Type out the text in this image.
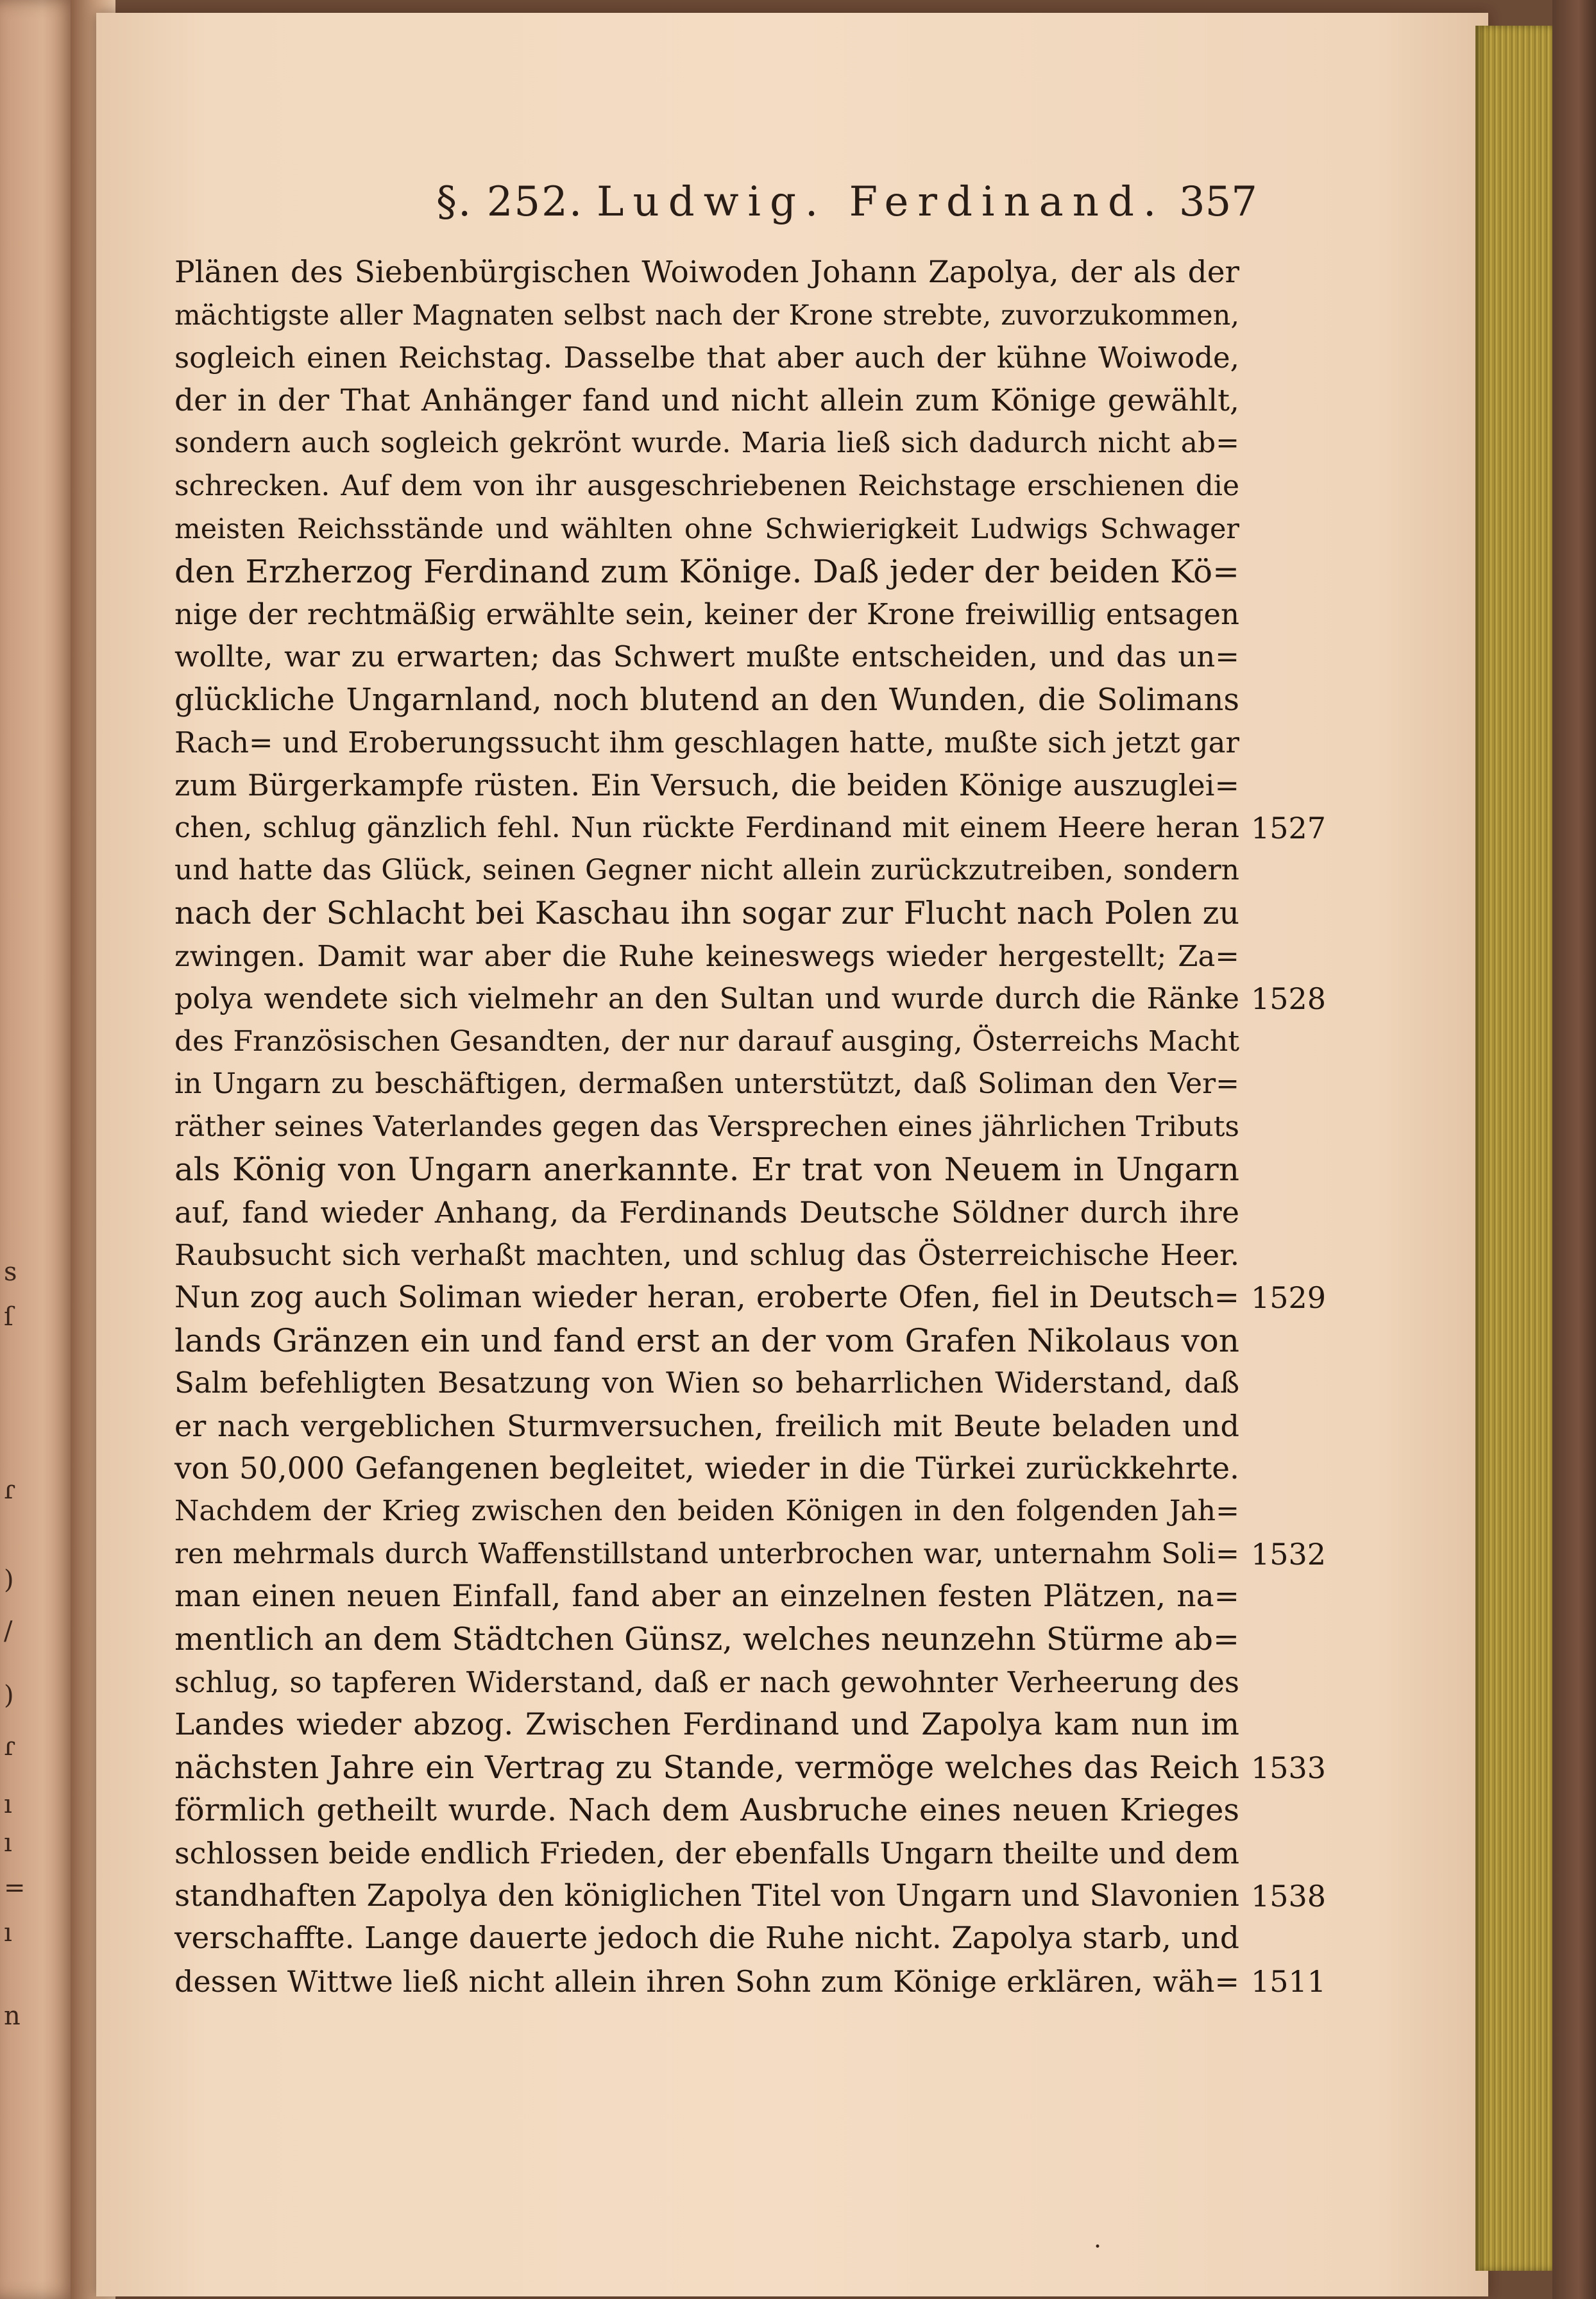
s
ſ
ɾ
)
/
)
ɾ
ı
ı
=
ı
n
§. 252. Ludwig. Ferdinand. 357
Plänen des Siebenbürgischen Woiwoden Johann Zapolya, der als der
mächtigste aller Magnaten selbst nach der Krone strebte, zuvorzukommen,
sogleich einen Reichstag. Dasselbe that aber auch der kühne Woiwode,
der in der That Anhänger fand und nicht allein zum Könige gewählt,
sondern auch sogleich gekrönt wurde. Maria ließ sich dadurch nicht ab=
schrecken. Auf dem von ihr ausgeschriebenen Reichstage erschienen die
meisten Reichsstände und wählten ohne Schwierigkeit Ludwigs Schwager
den Erzherzog Ferdinand zum Könige. Daß jeder der beiden Kö=
nige der rechtmäßig erwählte sein, keiner der Krone freiwillig entsagen
wollte, war zu erwarten; das Schwert mußte entscheiden, und das un=
glückliche Ungarnland, noch blutend an den Wunden, die Solimans
Rach= und Eroberungssucht ihm geschlagen hatte, mußte sich jetzt gar
zum Bürgerkampfe rüsten. Ein Versuch, die beiden Könige auszuglei=
chen, schlug gänzlich fehl. Nun rückte Ferdinand mit einem Heere heran
und hatte das Glück, seinen Gegner nicht allein zurückzutreiben, sondern
nach der Schlacht bei Kaschau ihn sogar zur Flucht nach Polen zu
zwingen. Damit war aber die Ruhe keineswegs wieder hergestellt; Za=
polya wendete sich vielmehr an den Sultan und wurde durch die Ränke
des Französischen Gesandten, der nur darauf ausging, Österreichs Macht
in Ungarn zu beschäftigen, dermaßen unterstützt, daß Soliman den Ver=
räther seines Vaterlandes gegen das Versprechen eines jährlichen Tributs
als König von Ungarn anerkannte. Er trat von Neuem in Ungarn
auf, fand wieder Anhang, da Ferdinands Deutsche Söldner durch ihre
Raubsucht sich verhaßt machten, und schlug das Österreichische Heer.
Nun zog auch Soliman wieder heran, eroberte Ofen, fiel in Deutsch=
lands Gränzen ein und fand erst an der vom Grafen Nikolaus von
Salm befehligten Besatzung von Wien so beharrlichen Widerstand, daß
er nach vergeblichen Sturmversuchen, freilich mit Beute beladen und
von 50,000 Gefangenen begleitet, wieder in die Türkei zurückkehrte.
Nachdem der Krieg zwischen den beiden Königen in den folgenden Jah=
ren mehrmals durch Waffenstillstand unterbrochen war, unternahm Soli=
man einen neuen Einfall, fand aber an einzelnen festen Plätzen, na=
mentlich an dem Städtchen Günsz, welches neunzehn Stürme ab=
schlug, so tapferen Widerstand, daß er nach gewohnter Verheerung des
Landes wieder abzog. Zwischen Ferdinand und Zapolya kam nun im
nächsten Jahre ein Vertrag zu Stande, vermöge welches das Reich
förmlich getheilt wurde. Nach dem Ausbruche eines neuen Krieges
schlossen beide endlich Frieden, der ebenfalls Ungarn theilte und dem
standhaften Zapolya den königlichen Titel von Ungarn und Slavonien
verschaffte. Lange dauerte jedoch die Ruhe nicht. Zapolya starb, und
dessen Wittwe ließ nicht allein ihren Sohn zum Könige erklären, wäh=
1527
1528
1529
1532
1533
1538
1511
·
